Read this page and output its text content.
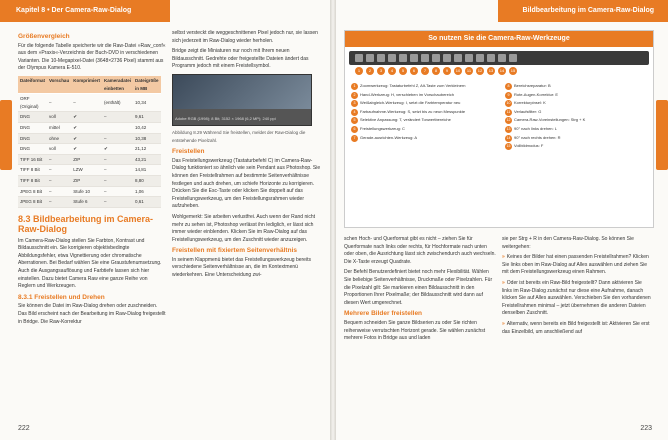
Kapitel 8 • Der Camera-Raw-Dialog
Größenvergleich

Für die folgende Tabelle speicherte wir die Raw-Datei »Raw_conf« aus dem »Praxis«-Verzeichnis der Buch-DVD in verschiedenen Varianten. Die 10-Megapixel-Datei (3648×2736 Pixel) stammt aus der Olympus Kamera E-510.

Dateiformat	Vorschau	Komprimiert	Kameradatei einbetten	Dateigröße in MB
ORF (Original)	–	–	(enthält)	10,34
DNG	voll	✔	–	9,61
DNG	mittel	✔		10,42
DNG	ohne	✔	–	10,38
DNG	voll	✔	✔	21,12
TIFF 16 Bit	–	ZIP	–	43,21
TIFF 8 Bit	–	LZW	–	14,81
TIFF 8 Bit	–	ZIP	–	8,80
JPEG 8 Bit	–	Stufe 10	–	1,06
JPEG 8 Bit	–	Stufe 6	–	0,61
8.3 Bildbearbeitung im Camera-Raw-Dialog

Im Camera-Raw-Dialog stellen Sie Farbton, Kontrast und Bildausschnitt ein. Sie korrigieren objektivbedingte Abbildungsfehler, etwa Vignettierung oder chromatische Aberrationen. Bei Bedarf wählen Sie eine Graustufenumsetzung. Auch die Ausgangsauflösung und Farbtiefe lassen sich hier einstellen. Dazu bietet Camera Raw eine ganze Reihe von Reglern und Werkzeugen.

8.3.1 Freistellen und Drehen

Sie können die Datei im Raw-Dialog drehen oder zuschneiden. Das Bild erscheint nach der Bearbeitung im Raw-Dialog freigestellt in Bridge. Die Raw-Korrektur

selbst versteckt die weggeschnittenen Pixel jedoch nur, sie lassen sich jederzeit im Raw-Dialog wieder herholen.

Bridge zeigt die Miniaturen nur noch mit Ihrem neuen Bildausschnitt. Gedrehte oder freigestellte Dateien ändert das Programm jedoch mit einem Freistellsymbol.

Adobe RGB (1998); 8 Bit; 3152 × 1968 (6,2 MP); 240 ppi
Abbildung 8.29 Während Sie freistellen, meldet der Raw-Dialog die entstehende Pixelzahl.
Freistellen

Das Freistellungswerkzeug (Tastaturbefehl C) im Camera-Raw-Dialog funktioniert so ähnlich wie sein Pendant aus Photoshop. Sie können den Freistellrahmen auf bestimmte Seitenverhältnisse festlegen und auch drehen, um schiefe Horizonte zu korrigieren. Drücken Sie die Esc-Taste oder klicken Sie doppelt auf das Freistellungswerkzeug, um den Freistellungsrahmen wieder aufzuheben.

Wohlgemerkt: Sie arbeiten verlustfrei. Auch wenn der Rand nicht mehr zu sehen ist, Photoshop verlässt ihn lediglich, er lässt sich immer wieder einblenden. Klicken Sie im Raw-Dialog auf das Freistellungswerkzeug, um den Zuschnitt wieder anzuzeigen.

Freistellen mit fixiertem Seitenverhältnis

In seinem Klappmenü bietet das Freistellungswerkzeug bereits verschiedene Seitenverhältnisse an, die im Kontextmenü wiederkehren. Eine Unterscheidung zwi-

222
Bildbearbeitung im Camera-Raw-Dialog
So nutzen Sie die Camera-Raw-Werkzeuge
1	2	3	4	5	6	7	8	9	10	11	12	13	14	15
1	Zoomwerkzeug: Tastaturbefehl Z, Alt-Taste zum Verkleinern
2	Hand-Werkzeug: H, verschieben im Vorschaubereich
3	Weißabgleich-Werkzeug: I, setzt die Farbtemperatur neu
4	Farbaufnahme-Werkzeug: S, setzt bis zu neun Messpunkte
5	Selektive Anpassung: T, verändert Tonwertbereiche
6	Freistellungswerkzeug: C
7	Gerade-ausrichten-Werkzeug: A
8	Bereichsreparatur: B
9	Rote-Augen-Korrektur: E
10 Korrekturpinsel: K
11 Verlaufsfilter: G
12 Camera-Raw-Voreinstellungen: Strg + K
13 90° nach links drehen: L
14 90° nach rechts drehen: R
15 Vollbildmodus: F

schen Hoch- und Querformat gibt es nicht – ziehen Sie für Querformate nach links oder rechts, für Hochformate nach unten oder oben, die Ausrichtung lässt sich zwischendurch auch wechseln. Die X-Taste erzeugt Quadrate.

Der Befehl Benutzerdefiniert bietet noch mehr Flexibilität. Wählen Sie beliebige Seitenverhältnisse, Druckmaße oder Pixelzahlen. Für die Pixelzahl gilt: Sie markieren einen Bildausschnitt in den Proportionen Ihrer Pixelmaße; der Bildausschnitt wird dann auf diesen Wert umgerechnet.

Mehrere Bilder freistellen

Bequem schneiden Sie ganze Bildserien zu oder Sie richten reihenweise verrutschten Horizont gerade. Sie wählen zunächst mehrere Fotos in Bridge aus und laden

sie per Strg + R in den Camera-Raw-Dialog. So können Sie weitergehen:

» Keines der Bilder hat einen passenden Freistellrahmen? Klicken Sie links oben im Raw-Dialog auf Alles auswählen und ziehen Sie mit dem Freistellungswerkzeug einen Rahmen.

» Oder ist bereits ein Raw-Bild freigestellt? Dann aktivieren Sie links im Raw-Dialog zunächst nur diese eine Aufnahme, danach klicken Sie auf Alles auswählen. Verschieben Sie den vorhandenen Freistellrahmen minimal – jetzt übernehmen die anderen Dateien denselben Zuschnitt.

» Alternativ, wenn bereits ein Bild freigestellt ist: Aktivieren Sie erst das Einzelbild, um anschließend auf

223
